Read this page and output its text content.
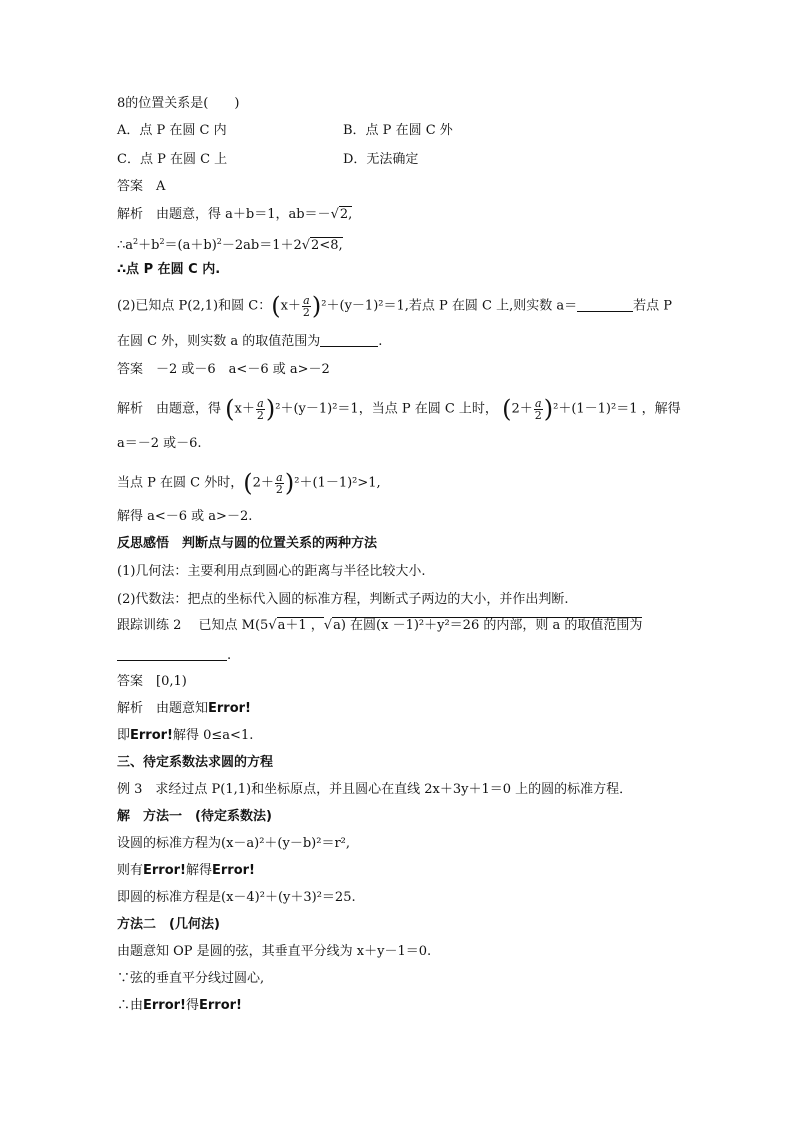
8的位置关系是(　　)
A．点 P 在圆 C 内	B．点 P 在圆 C 外
C．点 P 在圆 C 上	D．无法确定
答案　A
解析　由题意，得 a＋b＝1，ab＝－√2,
$\therefore a^2+b^2=(a+b)^2-2ab=1+2√2<8$,
∴点 P 在圆 C 内.
(2)已知点 P(2,1)和圆 C：$(x+ \frac{a}{2} )^2+(y-1)^2=1$,若点 P 在圆 C 上,则实数 a＝	若点 P
在圆 C 外，则实数 a 的取值范围为	.
答案　－2 或－6　a<－6 或 a>－2
解析　由题意，得 $(x+ \frac{a}{2} )^2+(y-1)^2=1$，当点 P 在圆 C 上时， $(2+ \frac{a}{2} )^2+(1-1)^2=1$ ，解得
a＝－2 或－6.
当点 P 在圆 C 外时，$(2+ \frac{a}{2} )^2+(1-1)^2>1$,
解得 a<－6 或 a>－2.
反思感悟　判断点与圆的位置关系的两种方法
(1)几何法：主要利用点到圆心的距离与半径比较大小.
(2)代数法：把点的坐标代入圆的标准方程，判断式子两边的大小，并作出判断.
跟踪训练 2　 已知点 M(5√a＋1 ，√a) 在圆(x －1)²＋y²＝26 的内部，则 a 的取值范围为
.
答案　[0,1)
解析　由题意知Error!
即Error!解得 0≤a<1.
三、待定系数法求圆的方程
例 3　求经过点 P(1,1)和坐标原点，并且圆心在直线 2x＋3y＋1＝0 上的圆的标准方程．
解　方法一　(待定系数法)
设圆的标准方程为(x－a)²＋(y－b)²＝r²,
则有Error!解得Error!
即圆的标准方程是(x－4)²＋(y＋3)²＝25.
方法二　(几何法)
由题意知 OP 是圆的弦，其垂直平分线为 x＋y－1＝0.
∵弦的垂直平分线过圆心,
∴由Error!得Error!
